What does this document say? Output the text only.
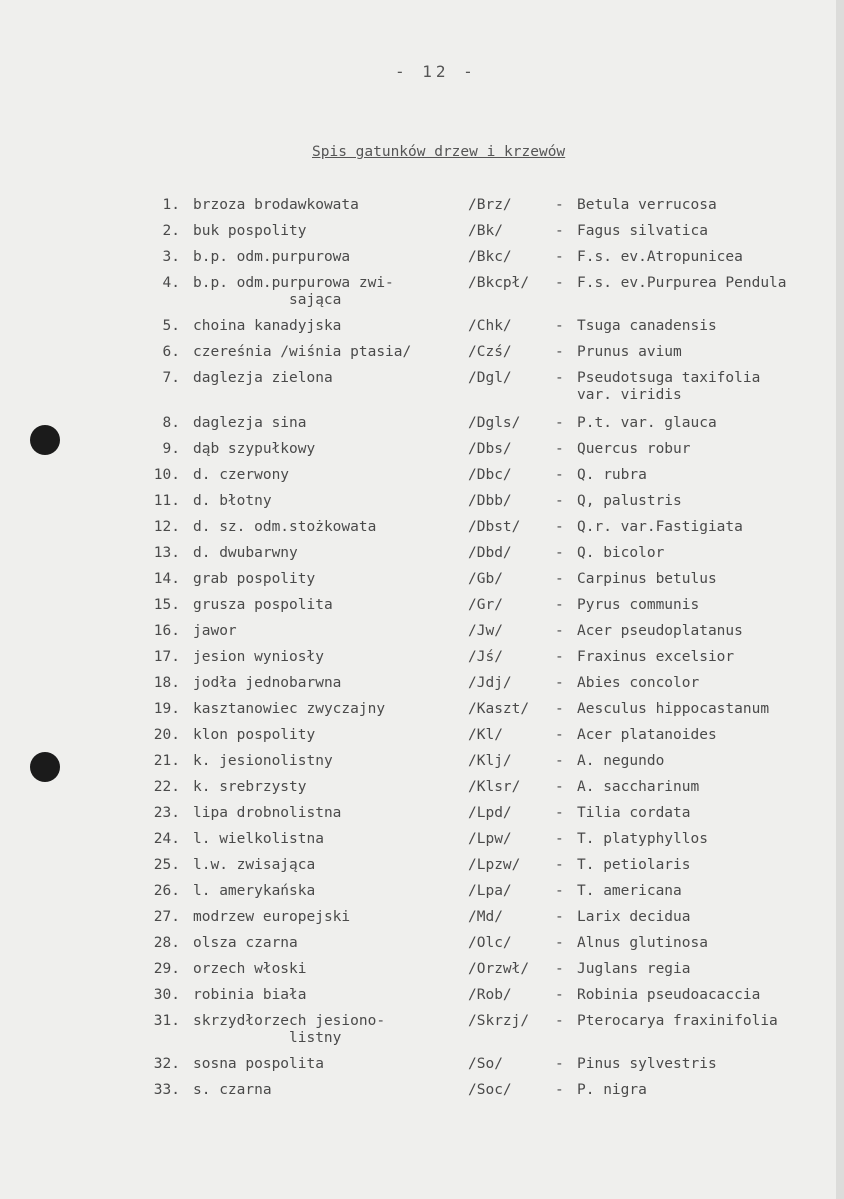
- 12 -
Spis gatunków drzew i krzewów
1. brzoza brodawkowata	/Brz/	- Betula verrucosa
2. buk pospolity	/Bk/	- Fagus silvatica
3. b.p. odm.purpurowa	/Bkc/	- F.s. ev.Atropunicea
4. b.p. odm.purpurowa zwi-
sająca
/Bkcpł/ - F.s. ev.Purpurea Pendula
5. choina kanadyjska	/Chk/	- Tsuga canadensis
6. czereśnia /wiśnia ptasia/	/Czś/	- Prunus avium
7. daglezja zielona	/Dgl/	- Pseudotsuga taxifolia
var. viridis
8. daglezja sina	/Dgls/ - P.t. var. glauca
9. dąb szypułkowy	/Dbs/	- Quercus robur
10. d. czerwony	/Dbc/	- Q. rubra
11. d. błotny	/Dbb/	- Q, palustris
12. d. sz. odm.stożkowata	/Dbst/ - Q.r. var.Fastigiata
13. d. dwubarwny	/Dbd/	- Q. bicolor
14. grab pospolity	/Gb/	- Carpinus betulus
15. grusza pospolita	/Gr/	- Pyrus communis
16. jawor	/Jw/	- Acer pseudoplatanus
17. jesion wyniosły	/Jś/	- Fraxinus excelsior
18. jodła jednobarwna	/Jdj/	- Abies concolor
19. kasztanowiec zwyczajny	/Kaszt/ - Aesculus hippocastanum
20. klon pospolity	/Kl/	- Acer platanoides
21. k. jesionolistny	/Klj/	- A. negundo
22. k. srebrzysty	/Klsr/ - A. saccharinum
23. lipa drobnolistna	/Lpd/	- Tilia cordata
24. l. wielkolistna	/Lpw/	- T. platyphyllos
25. l.w. zwisająca	/Lpzw/ - T. petiolaris
26. l. amerykańska	/Lpa/	- T. americana
27. modrzew europejski	/Md/	- Larix decidua
28. olsza czarna	/Olc/	- Alnus glutinosa
29. orzech włoski	/Orzwł/ - Juglans regia
30. robinia biała	/Rob/	- Robinia pseudoacaccia
31. skrzydłorzech jesiono-
listny
/Skrzj/ - Pterocarya fraxinifolia
32. sosna pospolita	/So/	- Pinus sylvestris
33. s. czarna	/Soc/	- P. nigra
